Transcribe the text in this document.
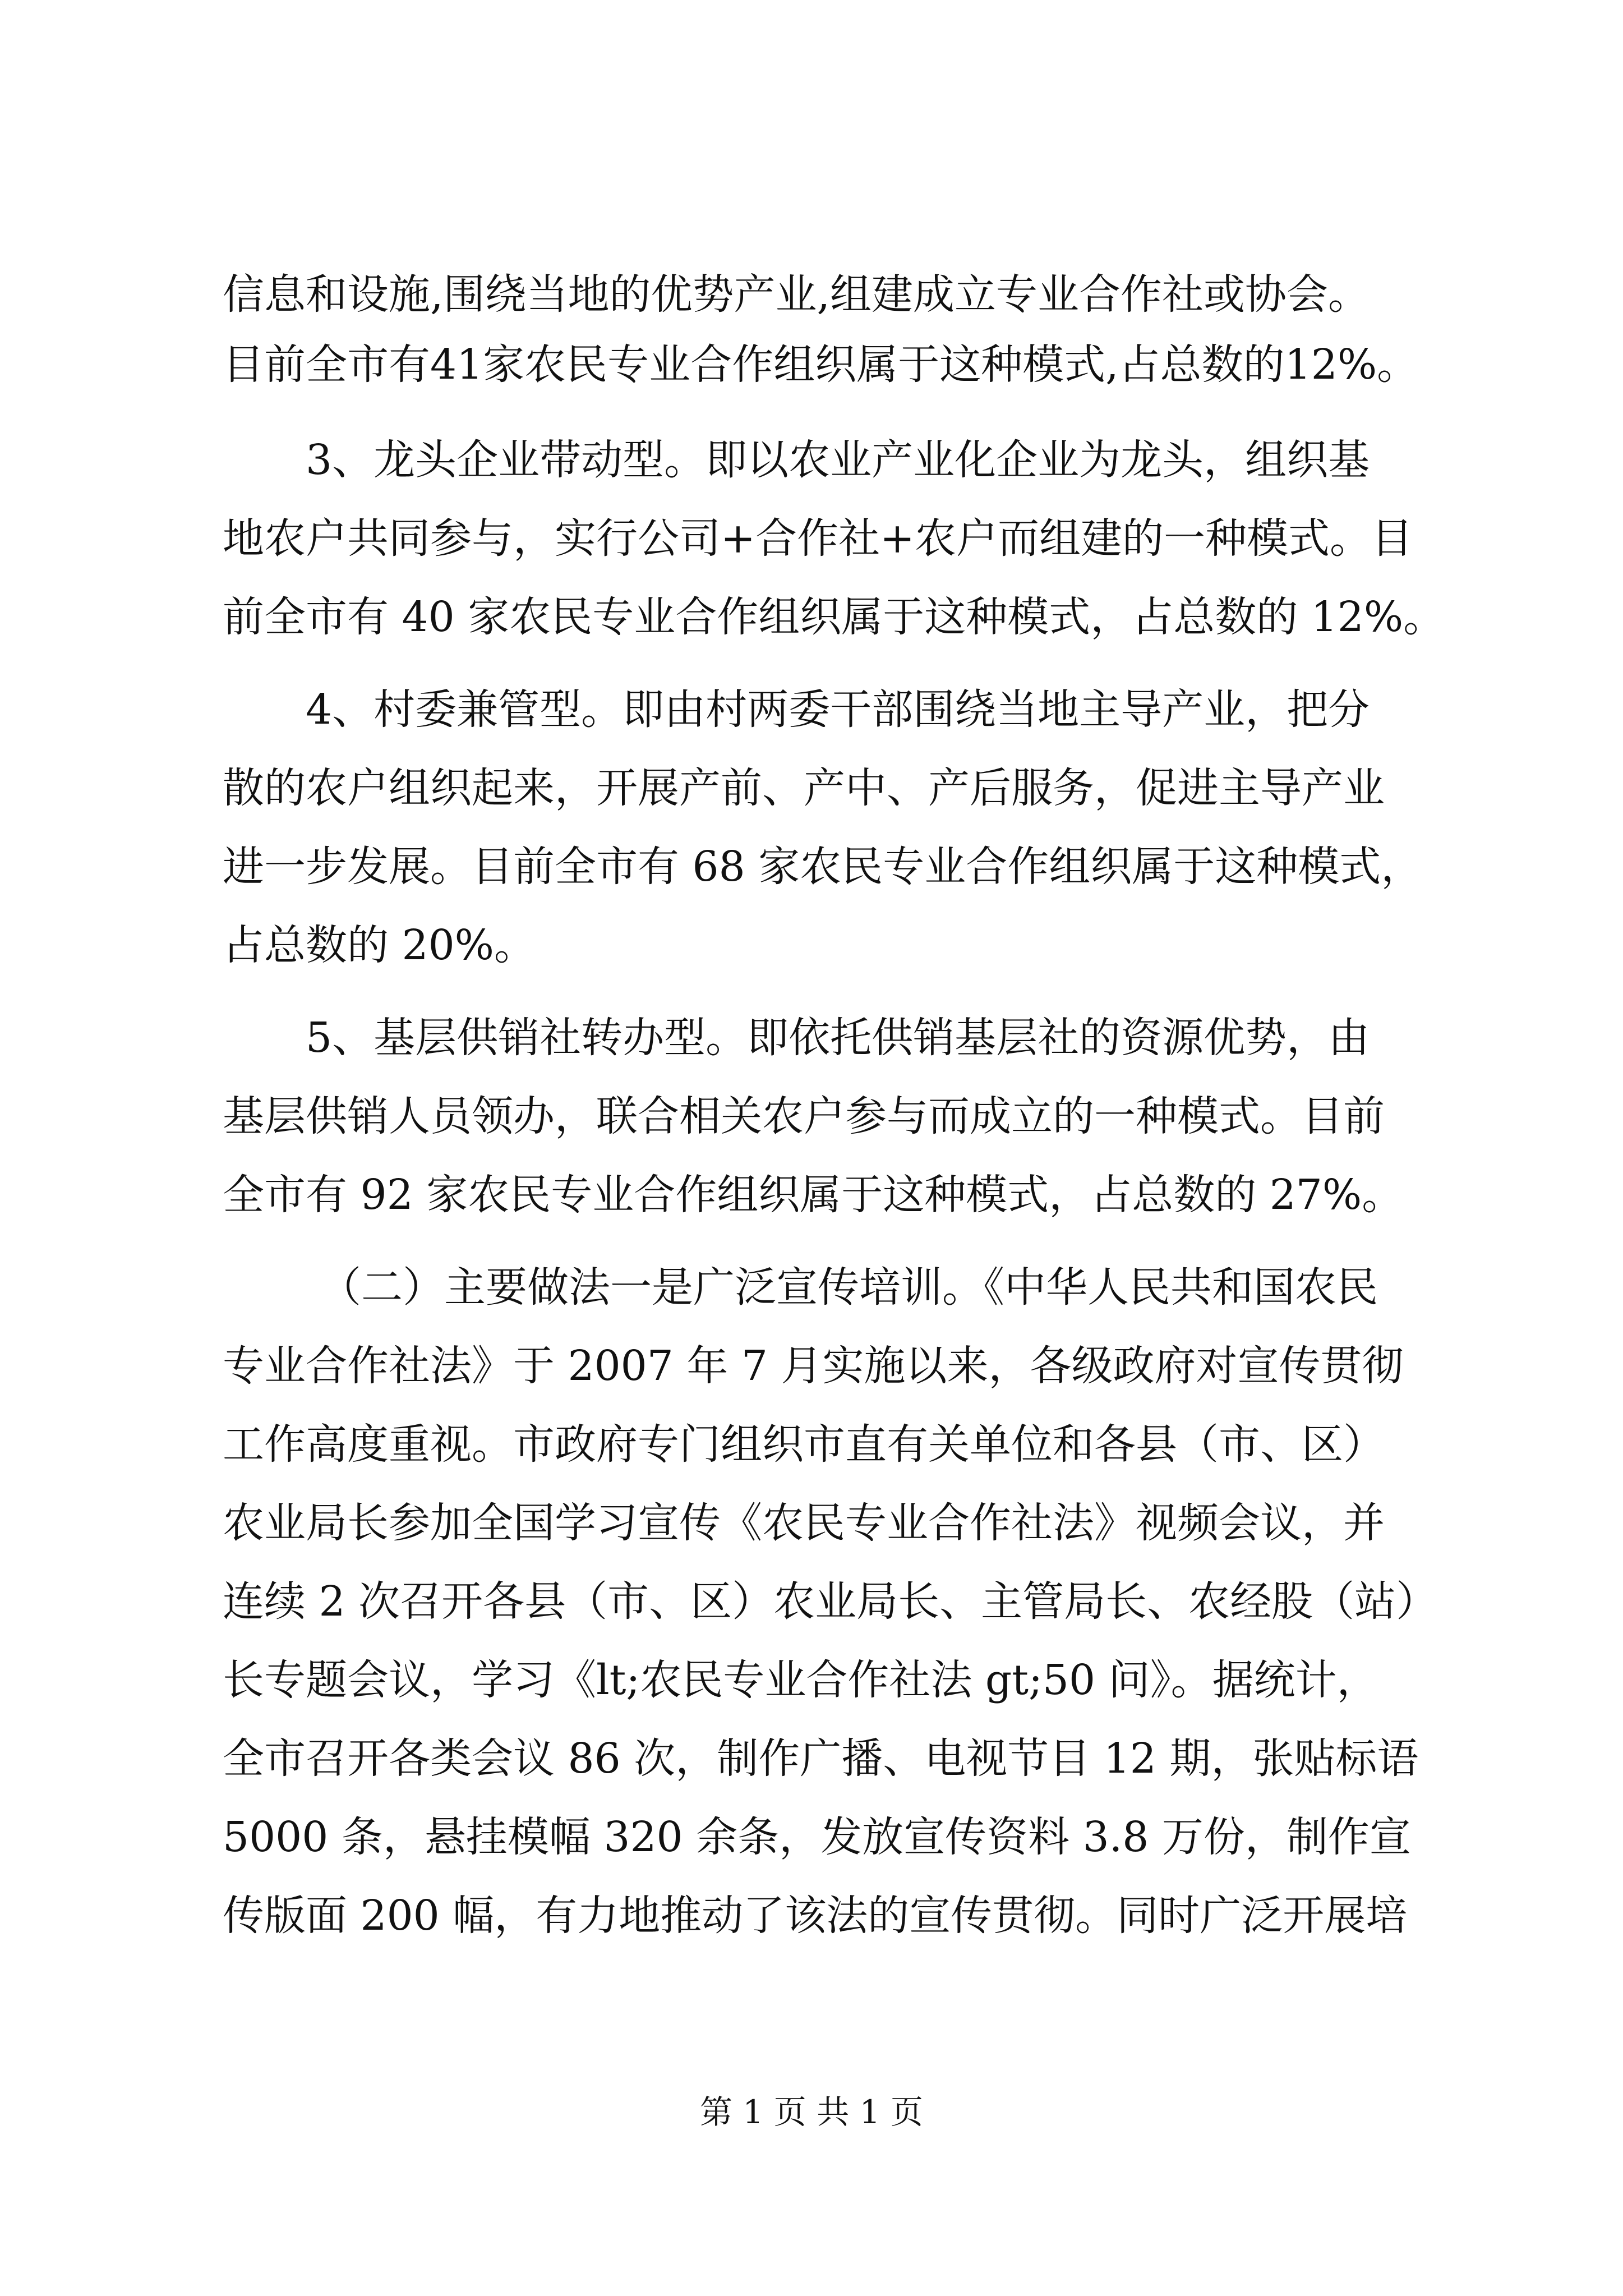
信息和设施,围绕当地的优势产业,组建成立专业合作社或协会。
目前全市有41家农民专业合作组织属于这种模式,占总数的12%。
3、龙头企业带动型。即以农业产业化企业为龙头，组织基
地农户共同参与，实行公司+合作社+农户而组建的一种模式。目
前全市有 40 家农民专业合作组织属于这种模式，占总数的 12%。
4、村委兼管型。即由村两委干部围绕当地主导产业，把分
散的农户组织起来，开展产前、产中、产后服务，促进主导产业
进一步发展。目前全市有 68 家农民专业合作组织属于这种模式，
占总数的 20%。
5、基层供销社转办型。即依托供销基层社的资源优势，由
基层供销人员领办，联合相关农户参与而成立的一种模式。目前
全市有 92 家农民专业合作组织属于这种模式，占总数的 27%。
（二）主要做法一是广泛宣传培训。《中华人民共和国农民
专业合作社法》于 2007 年 7 月实施以来，各级政府对宣传贯彻
工作高度重视。市政府专门组织市直有关单位和各县（市、区）
农业局长参加全国学习宣传《农民专业合作社法》视频会议，并
连续 2 次召开各县（市、区）农业局长、主管局长、农经股（站）
长专题会议，学习《lt;农民专业合作社法 gt;50 问》。据统计，
全市召开各类会议 86 次，制作广播、电视节目 12 期，张贴标语
5000 条，悬挂模幅 320 余条，发放宣传资料 3.8 万份，制作宣
传版面 200 幅，有力地推动了该法的宣传贯彻。同时广泛开展培
第 1 页 共 1 页
